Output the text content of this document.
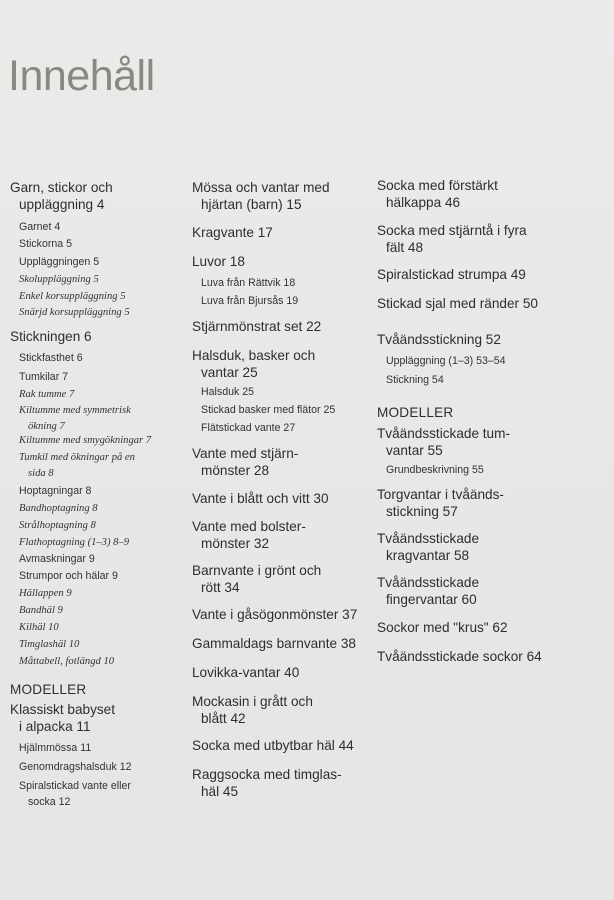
Innehåll
Garn, stickor och
uppläggning 4
Garnet 4
Stickorna 5
Uppläggningen 5
Skoluppläggning 5
Enkel korsuppläggning 5
Snärjd korsuppläggning 5
Stickningen 6
Stickfasthet 6
Tumkilar 7
Rak tumme 7
Kiltumme med symmetrisk
ökning 7
Kiltumme med smygökningar 7
Tumkil med ökningar på en
sida 8
Hoptagningar 8
Bandhoptagning 8
Strålhoptagning 8
Flathoptagning (1–3) 8–9
Avmaskningar 9
Strumpor och hälar 9
Hällappen 9
Bandhäl 9
Kilhäl 10
Timglashäl 10
Måttabell, fotlängd 10
MODELLER
Klassiskt babyset
i alpacka 11
Hjälmmössa 11
Genomdragshalsduk 12
Spiralstickad vante eller
socka 12
Mössa och vantar med
hjärtan (barn) 15
Kragvante 17
Luvor 18
Luva från Rättvik 18
Luva från Bjursås 19
Stjärnmönstrat set 22
Halsduk, basker och
vantar 25
Halsduk 25
Stickad basker med flätor 25
Flätstickad vante 27
Vante med stjärn-
mönster 28
Vante i blått och vitt 30
Vante med bolster-
mönster 32
Barnvante i grönt och
rött 34
Vante i gåsögonmönster 37
Gammaldags barnvante 38
Lovikka-vantar 40
Mockasin i grått och
blått 42
Socka med utbytbar häl 44
Raggsocka med timglas-
häl 45
Socka med förstärkt
hälkappa 46
Socka med stjärntå i fyra
fält 48
Spiralstickad strumpa 49
Stickad sjal med ränder 50
Tvåändsstickning 52
Uppläggning (1–3) 53–54
Stickning 54
MODELLER
Tvåändsstickade tum-
vantar 55
Grundbeskrivning 55
Torgvantar i tvåänds-
stickning 57
Tvåändsstickade
kragvantar 58
Tvåändsstickade
fingervantar 60
Sockor med "krus" 62
Tvåändsstickade sockor 64
